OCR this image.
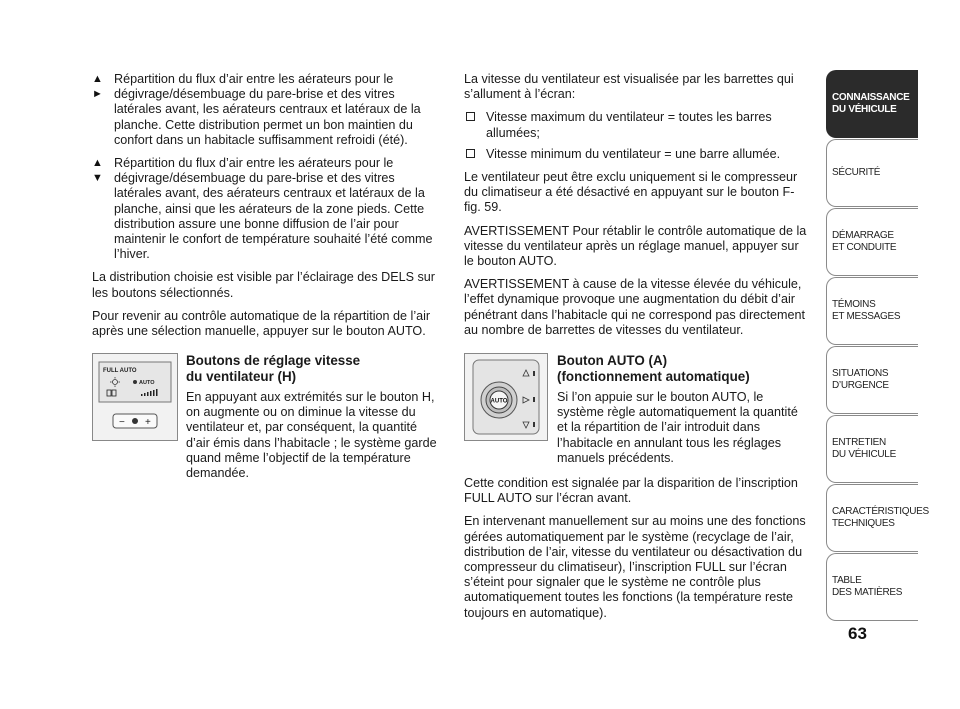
▲
►
Répartition du flux d’air entre les aérateurs pour le dégivrage/désembuage du pare-brise et des vitres latérales avant, les aérateurs centraux et latéraux de la planche. Cette distribution permet un bon maintien du confort dans un habitacle suffisamment refroidi (été).
▲
▼
Répartition du flux d’air entre les aérateurs pour le dégivrage/désembuage du pare-brise et des vitres latérales avant, des aérateurs centraux et latéraux de la planche, ainsi que les aérateurs de la zone pieds. Cette distribution assure une bonne diffusion de l’air pour maintenir le confort de température souhaité l’été comme l’hiver.

La distribution choisie est visible par l’éclairage des DELS sur les boutons sélectionnés.

Pour revenir au contrôle automatique de la répartition de l’air après une sélection manuelle, appuyer sur le bouton AUTO.

La vitesse du ventilateur est visualisée par les barrettes qui s’allument à l’écran:

Vitesse maximum du ventilateur = toutes les barres allumées;
Vitesse minimum du ventilateur = une barre allumée.

Le ventilateur peut être exclu uniquement si le compresseur du climatiseur a été désactivé en appuyant sur le bouton F-fig. 59.

AVERTISSEMENT Pour rétablir le contrôle automatique de la vitesse du ventilateur après un réglage manuel, appuyer sur le bouton AUTO.

AVERTISSEMENT à cause de la vitesse élevée du véhicule, l’effet dynamique provoque une augmentation du débit d’air pénétrant dans l’habitacle qui ne correspond pas directement au nombre de barrettes de vitesses du ventilateur.

FULL AUTO
AUTO
− +
Boutons de réglage vitesse
du ventilateur (H)

En appuyant aux extrémités sur le bouton H, on augmente ou on diminue la vitesse du ventilateur et, par conséquent, la quantité d’air émis dans l’habitacle ; le système garde quand même l’objectif de la température demandée.

AUTO
Bouton AUTO (A)
(fonctionnement automatique)

Si l’on appuie sur le bouton AUTO, le système règle automatiquement la quantité et la répartition de l’air introduit dans l’habitacle en annulant tous les réglages manuels précédents.

Cette condition est signalée par la disparition de l’inscription FULL AUTO sur l’écran avant.

En intervenant manuellement sur au moins une des fonctions gérées automatiquement par le système (recyclage de l’air, distribution de l’air, vitesse du ventilateur ou désactivation du compresseur du climatiseur), l’inscription FULL sur l’écran s’éteint pour signaler que le système ne contrôle plus automatiquement toutes les fonctions (la température reste toujours en automatique).

CONNAISSANCE
DU VÉHICULE
SÉCURITÉ
DÉMARRAGE
ET CONDUITE
TÉMOINS
ET MESSAGES
SITUATIONS
D’URGENCE
ENTRETIEN
DU VÉHICULE
CARACTÉRISTIQUES
TECHNIQUES
TABLE
DES MATIÈRES
63
